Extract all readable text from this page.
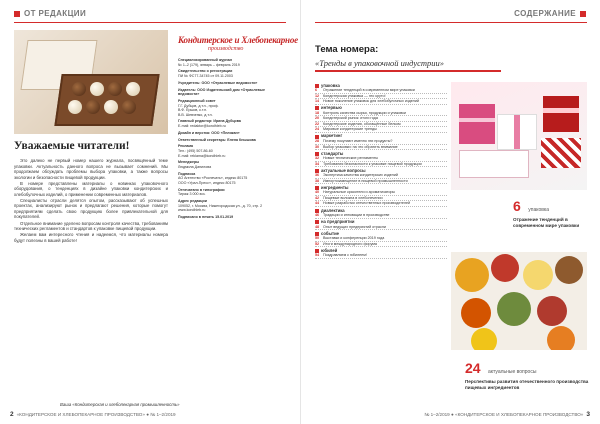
ОТ РЕДАКЦИИ
Уважаемые читатели!

Это далеко не первый номер нашего журнала, посвящённый теме упаковки. Актуальность данного вопроса не вызывает сомнений. Мы продолжаем обсуждать проблемы выбора упаковки, а также вопросы экологии и безопасности пищевой продукции.

В номере представлены материалы о новинках упаковочного оборудования, о тенденциях в дизайне упаковки кондитерских и хлебобулочных изделий, о применении современных материалов.

Специалисты отрасли делятся опытом, рассказывают об успешных проектах, анализируют рынок и предлагают решения, которые помогут предприятиям сделать свою продукцию более привлекательной для покупателей.

Отдельное внимание уделено вопросам контроля качества, требованиям технических регламентов и стандартов к упаковке пищевой продукции.

Желаем вам интересного чтения и надеемся, что материалы номера будут полезны в вашей работе!

Ваша «Кондитерская и хлебопекарная промышленность»
Кондитерское и Хлебопекарное
производство
Специализированный журнал
№ 1–2 (179), январь – февраль 2019
Свидетельство о регистрации
ПИ № ФС77-34745 от 09.11.2003
Учредитель: ООО «Отраслевые ведомости»
Издатель: ООО Издательский дом «Отраслевые ведомости»
Редакционный совет
Г.Г. Дубцов, д.т.н., проф.
В.Ф. Ершов, к.т.н.
В.В. Шевченко, д.т.н.
Главный редактор: Ирина Дубцова
E-mail: redaktor@kondhleb.ru
Дизайн и верстка: ООО «Пеликан»
Ответственный секретарь: Елена Кнышова
Реклама
Тел.: (495) 507-86-60
E-mail: reklama@kondhleb.ru
Менеджеры
Людмила Данилова
Подписка
АО Агентство «Роспечать», индекс 80175
ООО «Урал-Пресс», индекс 80175
Отпечатано в типографии
Тираж 3 000 экз.
Адрес редакции
109052, г. Москва, Нижегородская ул., д. 70, стр. 2
www.kondhleb.ru
Подписано в печать 15.01.2019
2 «КОНДИТЕРСКОЕ И ХЛЕБОПЕКАРНОЕ ПРОИЗВОДСТВО» ● № 1–2/2019
СОДЕРЖАНИЕ
Тема номера:
«Тренды в упаковочной индустрии»
упаковка
6	Отражение тенденций в современном мире упаковки
12	Кондитерская упаковка — это круто!
14	Новое поколение упаковок для хлебобулочных изделий
интервью
18	Контроль качества сырья, продукции и упаковки
20	Кондитерский рынок: итоги года
22	Кондитерские изделия, обогащённые белком
24	Мировые кондитерские тренды
маркетинг
28	Почему покупают именно эти продукты?
30	Выбор упаковки: на что обратить внимание
стандарты
32	Новые технические регламенты
34	Требования безопасности к упаковке пищевой продукции
актуальные вопросы
36	Экспертиза качества кондитерских изделий
38	Импортозамещение в пищевой промышленности
ингредиенты
40	Натуральные красители и ароматизаторы
42	Пищевые волокна в хлебопечении
44	Новые разработки отечественных производителей
диалектика
46	Традиции и инновации в производстве
на предприятии
48	Опыт ведущих предприятий отрасли
событие
50	Выставки и конференции 2019 года
52	Итоги международного форума
юбилей
54	Поздравляем с юбилеем!
6 упаковка
Отражение тенденций в современном мире упаковки
24 актуальные вопросы
Перспективы развития отечественного производства пищевых ингредиентов
№ 1–2/2019 ● «КОНДИТЕРСКОЕ И ХЛЕБОПЕКАРНОЕ ПРОИЗВОДСТВО» 3
